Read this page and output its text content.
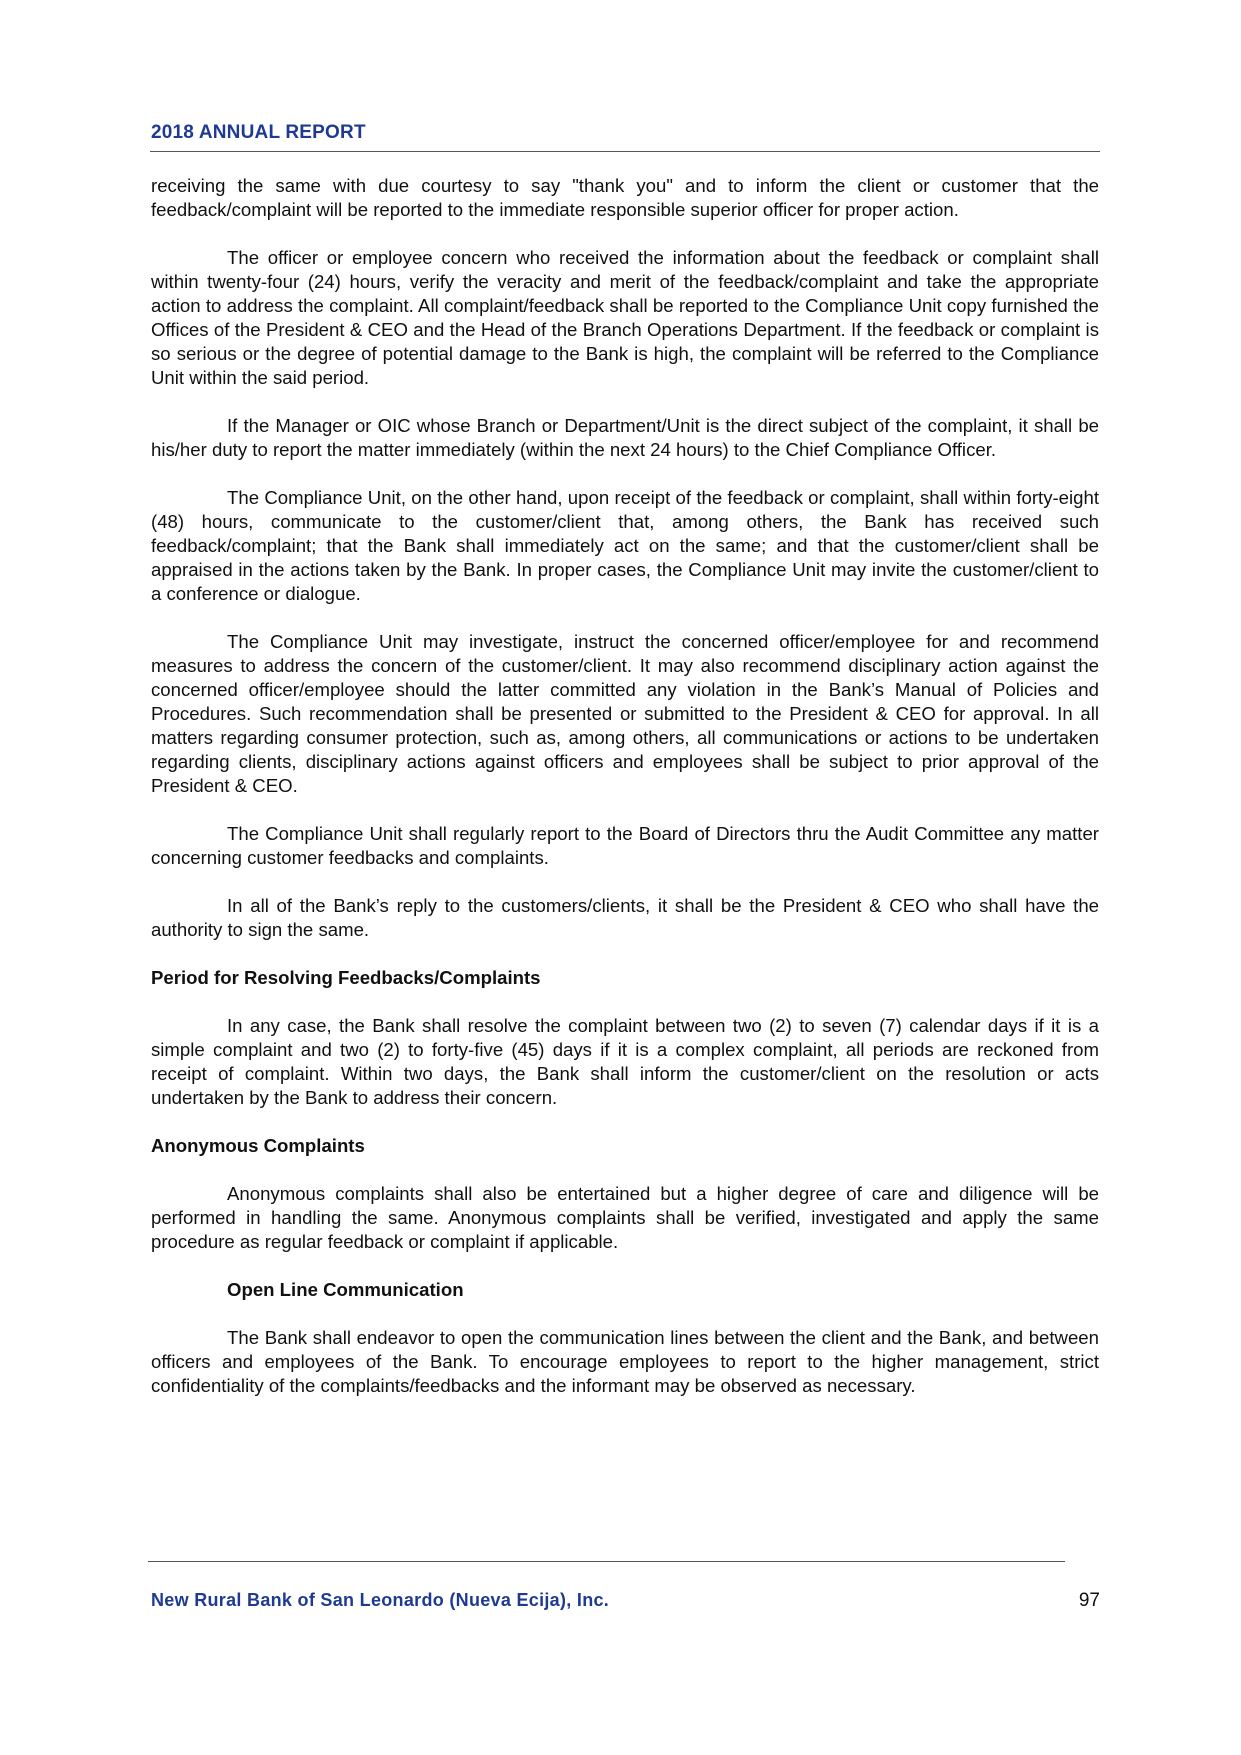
2018 ANNUAL REPORT

receiving the same with due courtesy to say "thank you" and to inform the client or customer that the feedback/complaint will be reported to the immediate responsible superior officer for proper action.

The officer or employee concern who received the information about the feedback or complaint shall within twenty-four (24) hours, verify the veracity and merit of the feedback/complaint and take the appropriate action to address the complaint. All complaint/feedback shall be reported to the Compliance Unit copy furnished the Offices of the President & CEO and the Head of the Branch Operations Department. If the feedback or complaint is so serious or the degree of potential damage to the Bank is high, the complaint will be referred to the Compliance Unit within the said period.

If the Manager or OIC whose Branch or Department/Unit is the direct subject of the complaint, it shall be his/her duty to report the matter immediately (within the next 24 hours) to the Chief Compliance Officer.

The Compliance Unit, on the other hand, upon receipt of the feedback or complaint, shall within forty-eight (48) hours, communicate to the customer/client that, among others, the Bank has received such feedback/complaint; that the Bank shall immediately act on the same; and that the customer/client shall be appraised in the actions taken by the Bank. In proper cases, the Compliance Unit may invite the customer/client to a conference or dialogue.

The Compliance Unit may investigate, instruct the concerned officer/employee for and recommend measures to address the concern of the customer/client. It may also recommend disciplinary action against the concerned officer/employee should the latter committed any violation in the Bank’s Manual of Policies and Procedures. Such recommendation shall be presented or submitted to the President & CEO for approval. In all matters regarding consumer protection, such as, among others, all communications or actions to be undertaken regarding clients, disciplinary actions against officers and employees shall be subject to prior approval of the President & CEO.

The Compliance Unit shall regularly report to the Board of Directors thru the Audit Committee any matter concerning customer feedbacks and complaints.

In all of the Bank’s reply to the customers/clients, it shall be the President & CEO who shall have the authority to sign the same.

Period for Resolving Feedbacks/Complaints

In any case, the Bank shall resolve the complaint between two (2) to seven (7) calendar days if it is a simple complaint and two (2) to forty-five (45) days if it is a complex complaint, all periods are reckoned from receipt of complaint. Within two days, the Bank shall inform the customer/client on the resolution or acts undertaken by the Bank to address their concern.

Anonymous Complaints

Anonymous complaints shall also be entertained but a higher degree of care and diligence will be performed in handling the same. Anonymous complaints shall be verified, investigated and apply the same procedure as regular feedback or complaint if applicable.

Open Line Communication

The Bank shall endeavor to open the communication lines between the client and the Bank, and between officers and employees of the Bank. To encourage employees to report to the higher management, strict confidentiality of the complaints/feedbacks and the informant may be observed as necessary.

New Rural Bank of San Leonardo (Nueva Ecija), Inc.	97
